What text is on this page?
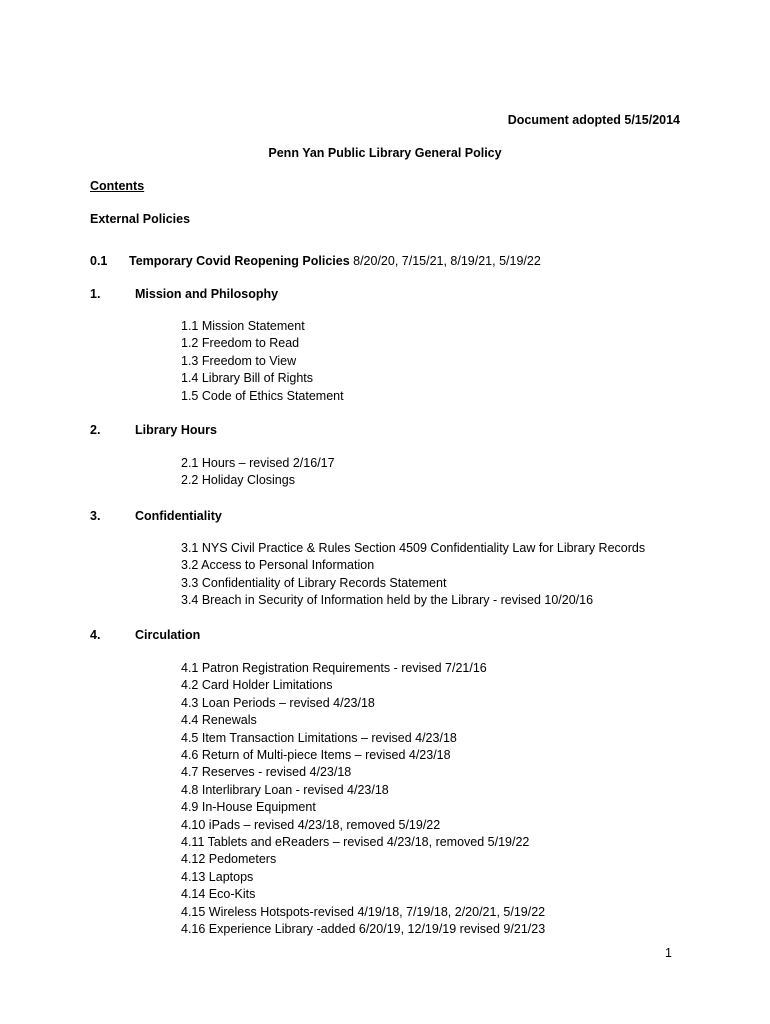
Document adopted 5/15/2014
Penn Yan Public Library General Policy
Contents
External Policies
0.1 Temporary Covid Reopening Policies 8/20/20, 7/15/21, 8/19/21, 5/19/22
1.	Mission and Philosophy
1.1 Mission Statement
1.2 Freedom to Read
1.3 Freedom to View
1.4 Library Bill of Rights
1.5 Code of Ethics Statement
2.	Library Hours
2.1 Hours – revised 2/16/17
2.2 Holiday Closings
3.	Confidentiality
3.1 NYS Civil Practice & Rules Section 4509 Confidentiality Law for Library Records
3.2 Access to Personal Information
3.3 Confidentiality of Library Records Statement
3.4 Breach in Security of Information held by the Library - revised 10/20/16
4.	Circulation
4.1 Patron Registration Requirements - revised 7/21/16
4.2 Card Holder Limitations
4.3 Loan Periods – revised 4/23/18
4.4 Renewals
4.5 Item Transaction Limitations – revised 4/23/18
4.6 Return of Multi-piece Items – revised 4/23/18
4.7 Reserves - revised 4/23/18
4.8 Interlibrary Loan - revised 4/23/18
4.9 In-House Equipment
4.10 iPads – revised 4/23/18, removed 5/19/22
4.11 Tablets and eReaders – revised 4/23/18, removed 5/19/22
4.12 Pedometers
4.13 Laptops
4.14 Eco-Kits
4.15 Wireless Hotspots-revised 4/19/18, 7/19/18, 2/20/21, 5/19/22
4.16 Experience Library -added 6/20/19, 12/19/19 revised 9/21/23
1
